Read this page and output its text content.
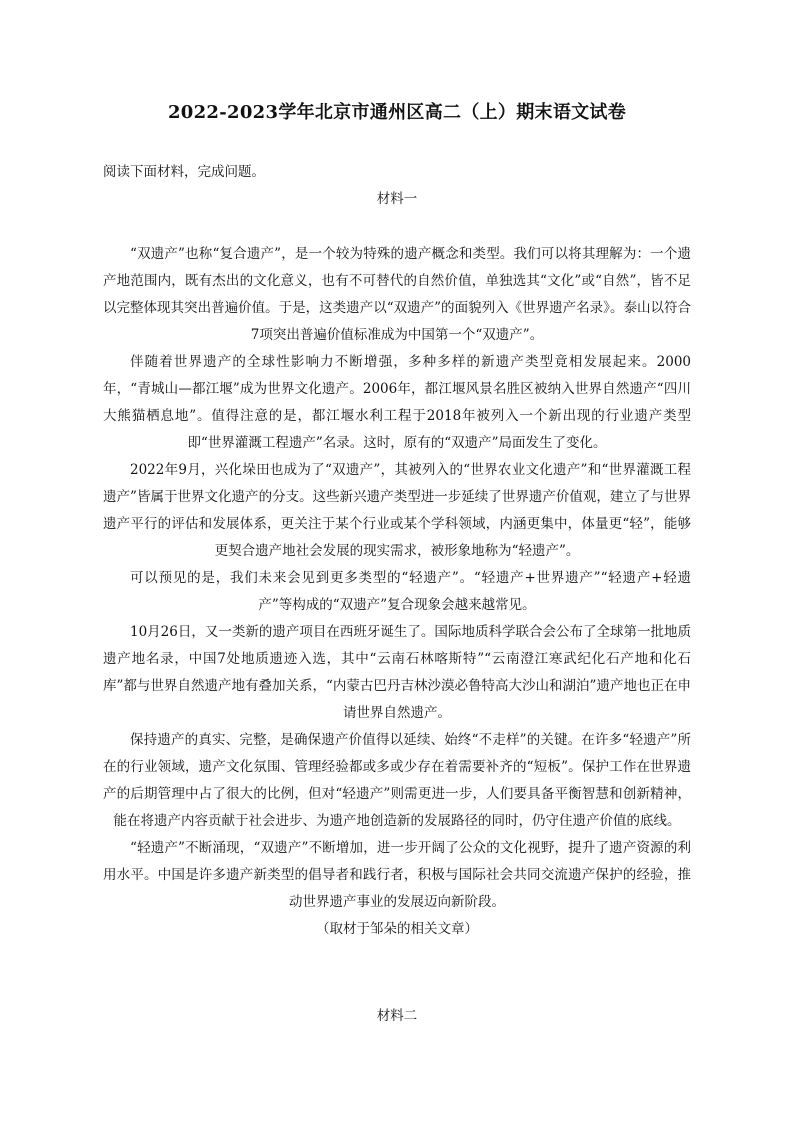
2022-2023学年北京市通州区高二（上）期末语文试卷
阅读下面材料，完成问题。
材料一

“双遗产”也称“复合遗产”，是一个较为特殊的遗产概念和类型。我们可以将其理解为：一个遗产地范围内，既有杰出的文化意义，也有不可替代的自然价值，单独选其“文化”或“自然”，皆不足以完整体现其突出普遍价值。于是，这类遗产以“双遗产”的面貌列入《世界遗产名录》。泰山以符合7项突出普遍价值标准成为中国第一个“双遗产”。

伴随着世界遗产的全球性影响力不断增强，多种多样的新遗产类型竟相发展起来。2000年，“青城山—都江堰”成为世界文化遗产。2006年，都江堰风景名胜区被纳入世界自然遗产“四川大熊猫栖息地”。值得注意的是，都江堰水利工程于2018年被列入一个新出现的行业遗产类型即“世界灌溉工程遗产”名录。这时，原有的“双遗产”局面发生了变化。

2022年9月，兴化垛田也成为了“双遗产”，其被列入的“世界农业文化遗产”和“世界灌溉工程遗产”皆属于世界文化遗产的分支。这些新兴遗产类型进一步延续了世界遗产价值观，建立了与世界遗产平行的评估和发展体系，更关注于某个行业或某个学科领域，内涵更集中，体量更“轻”，能够更契合遗产地社会发展的现实需求，被形象地称为“轻遗产”。

可以预见的是，我们未来会见到更多类型的“轻遗产”。“轻遗产+世界遗产”“轻遗产+轻遗产”等构成的“双遗产”复合现象会越来越常见。

10月26日，又一类新的遗产项目在西班牙诞生了。国际地质科学联合会公布了全球第一批地质遗产地名录，中国7处地质遗迹入选，其中“云南石林喀斯特”“云南澄江寒武纪化石产地和化石库”都与世界自然遗产地有叠加关系，“内蒙古巴丹吉林沙漠必鲁特高大沙山和湖泊”遗产地也正在申请世界自然遗产。

保持遗产的真实、完整，是确保遗产价值得以延续、始终“不走样”的关键。在许多“轻遗产”所在的行业领域，遗产文化氛围、管理经验都或多或少存在着需要补齐的“短板”。保护工作在世界遗产的后期管理中占了很大的比例，但对“轻遗产”则需更进一步，人们要具备平衡智慧和创新精神，能在将遗产内容贡献于社会进步、为遗产地创造新的发展路径的同时，仍守住遗产价值的底线。

“轻遗产”不断涌现，“双遗产”不断增加，进一步开阔了公众的文化视野，提升了遗产资源的利用水平。中国是许多遗产新类型的倡导者和践行者，积极与国际社会共同交流遗产保护的经验，推动世界遗产事业的发展迈向新阶段。

（取材于邹朵的相关文章）

材料二
